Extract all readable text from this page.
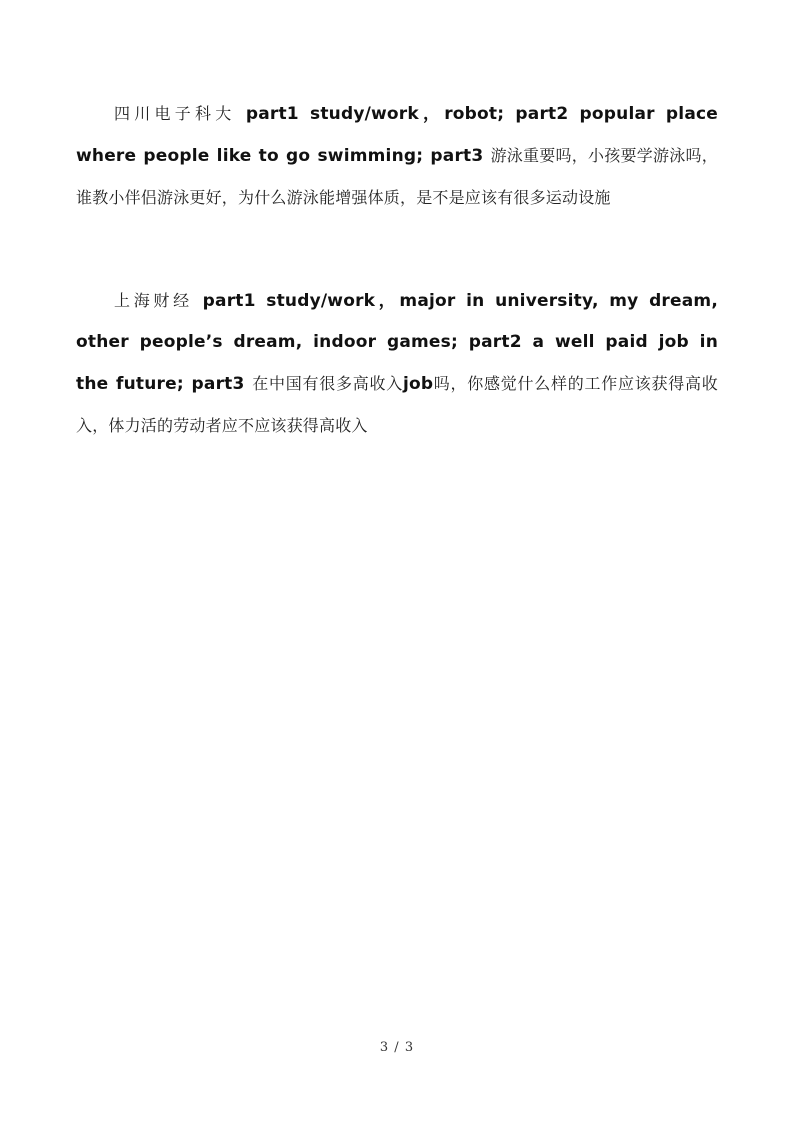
四川电子科大 part1 study/work，robot; part2 popular place where people like to go swimming; part3 游泳重要吗，小孩要学游泳吗，谁教小伴侣游泳更好，为什么游泳能增强体质，是不是应该有很多运动设施

上海财经 part1 study/work，major in university, my dream, other people’s dream, indoor games; part2 a well paid job in the future; part3 在中国有很多高收入job吗，你感觉什么样的工作应该获得高收入，体力活的劳动者应不应该获得高收入

3 / 3
